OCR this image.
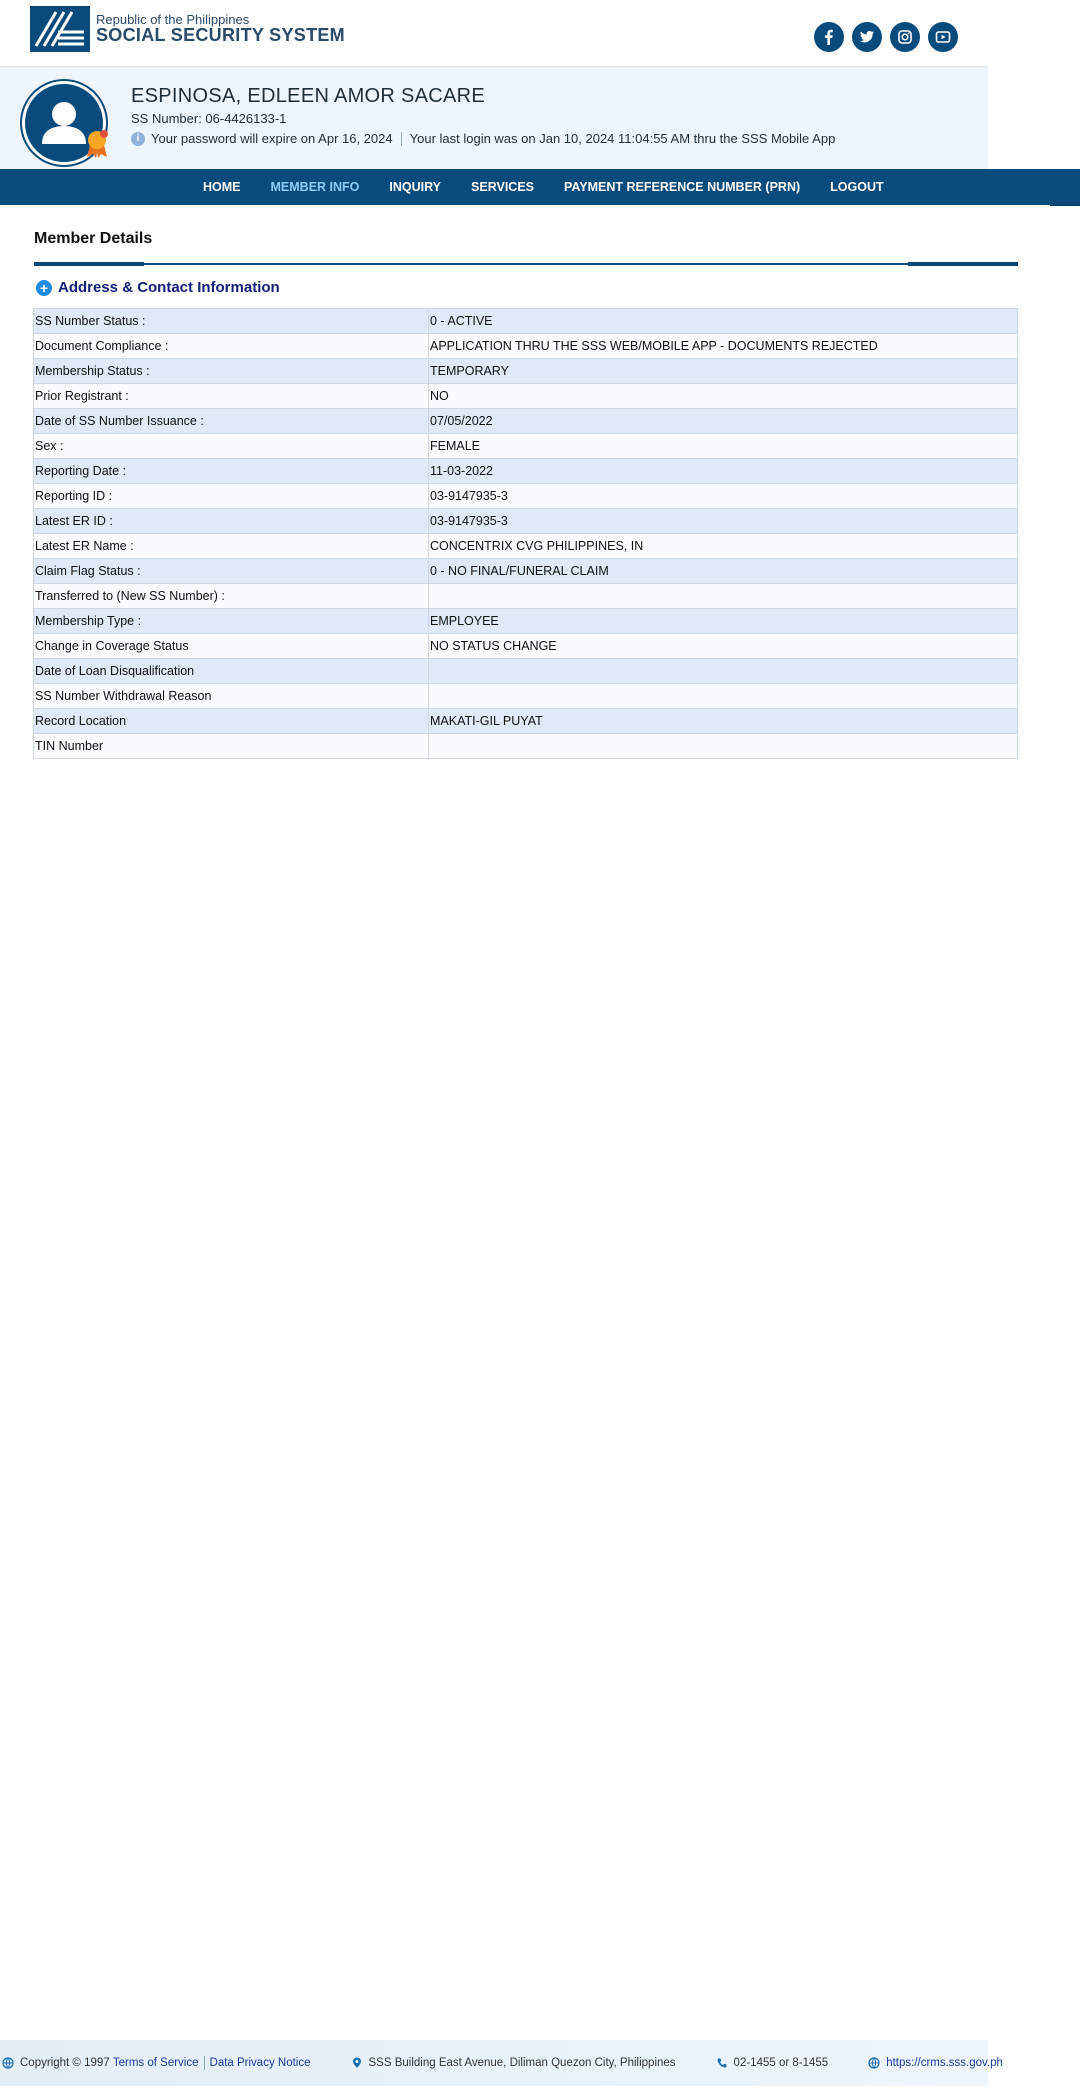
Republic of the Philippines
SOCIAL SECURITY SYSTEM
ESPINOSA, EDLEEN AMOR SACARE
SS Number: 06-4426133-1
i Your password will expire on Apr 16, 2024 Your last login was on Jan 10, 2024 11:04:55 AM thru the SSS Mobile App
HOME	MEMBER INFO	INQUIRY	SERVICES	PAYMENT REFERENCE NUMBER (PRN)	LOGOUT
Member Details
+ Address & Contact Information
SS Number Status :	0 - ACTIVE
Document Compliance :	APPLICATION THRU THE SSS WEB/MOBILE APP - DOCUMENTS REJECTED
Membership Status :	TEMPORARY
Prior Registrant :	NO
Date of SS Number Issuance :	07/05/2022
Sex :	FEMALE
Reporting Date :	11-03-2022
Reporting ID :	03-9147935-3
Latest ER ID :	03-9147935-3
Latest ER Name :	CONCENTRIX CVG PHILIPPINES, IN
Claim Flag Status :	0 - NO FINAL/FUNERAL CLAIM
Transferred to (New SS Number) :	
Membership Type :	EMPLOYEE
Change in Coverage Status	NO STATUS CHANGE
Date of Loan Disqualification	
SS Number Withdrawal Reason	
Record Location	MAKATI-GIL PUYAT
TIN Number	
Copyright © 1997
Terms of Service Data Privacy Notice	SSS Building East Avenue, Diliman Quezon City, Philippines	02-1455 or 8-1455	https://crms.sss.gov.ph
